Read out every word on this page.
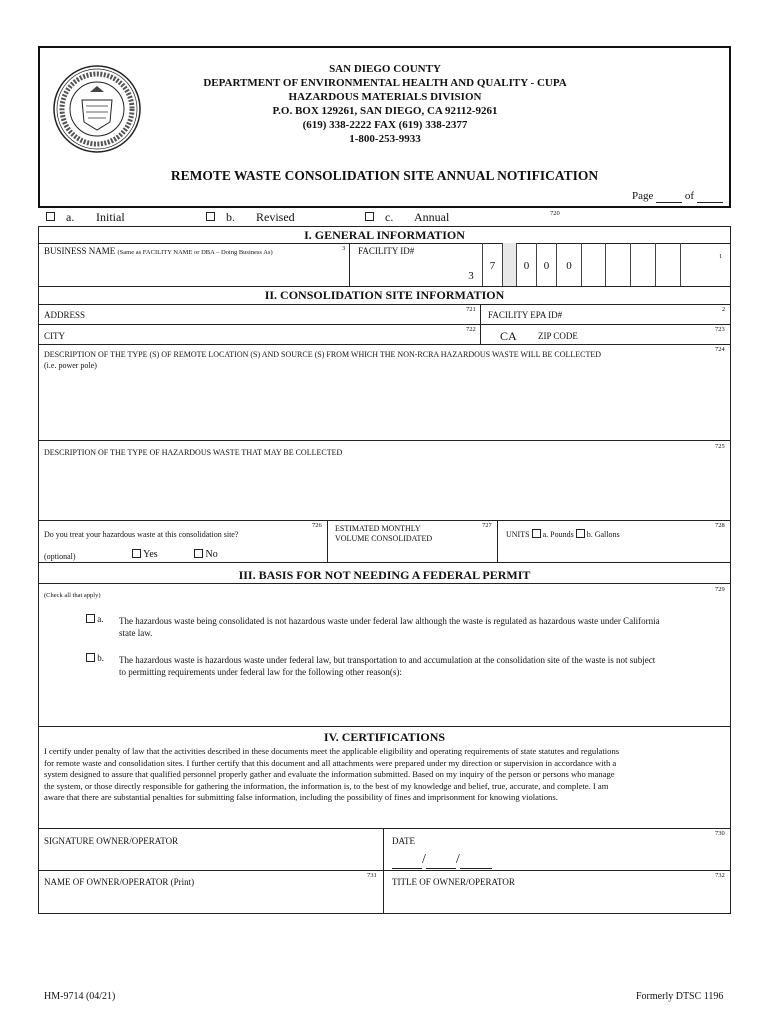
SAN DIEGO COUNTY
DEPARTMENT OF ENVIRONMENTAL HEALTH AND QUALITY - CUPA
HAZARDOUS MATERIALS DIVISION
P.O. BOX 129261, SAN DIEGO, CA 92112-9261
(619) 338-2222 FAX (619) 338-2377
1-800-253-9933
REMOTE WASTE CONSOLIDATION SITE ANNUAL NOTIFICATION
Page	of
a. Initial	b. Revised	c. Annual	720
I. GENERAL INFORMATION
BUSINESS NAME (Same as FACILITY NAME or DBA – Doing Business As)
3 FACILITY ID#
3
7	0	0	0
1
II. CONSOLIDATION SITE INFORMATION
ADDRESS
721
FACILITY EPA ID#
2
CITY
722 CA ZIP CODE
723
DESCRIPTION OF THE TYPE (S) OF REMOTE LOCATION (S) AND SOURCE (S) FROM WHICH THE NON-RCRA HAZARDOUS WASTE WILL BE COLLECTED
(i.e. power pole)
724
DESCRIPTION OF THE TYPE OF HAZARDOUS WASTE THAT MAY BE COLLECTED
725
Do you treat your hazardous waste at this consolidation site?
726
(optional)	Yes	No
ESTIMATED MONTHLY
VOLUME CONSOLIDATED
727
UNITS a. Pounds b. Gallons
728
III. BASIS FOR NOT NEEDING A FEDERAL PERMIT
(Check all that apply)
729
a. The hazardous waste being consolidated is not hazardous waste under federal law although the waste is regulated as hazardous waste under California
state law.
b. The hazardous waste is hazardous waste under federal law, but transportation to and accumulation at the consolidation site of the waste is not subject
to permitting requirements under federal law for the following other reason(s):
IV. CERTIFICATIONS
I certify under penalty of law that the activities described in these documents meet the applicable eligibility and operating requirements of state statutes and regulations
for remote waste and consolidation sites. I further certify that this document and all attachments were prepared under my direction or supervision in accordance with a
system designed to assure that qualified personnel properly gather and evaluate the information submitted. Based on my inquiry of the person or persons who manage
the system, or those directly responsible for gathering the information, the information is, to the best of my knowledge and belief, true, accurate, and complete. I am
aware that there are substantial penalties for submitting false information, including the possibility of fines and imprisonment for knowing violations.
SIGNATURE OWNER/OPERATOR	DATE
730
/ /
NAME OF OWNER/OPERATOR (Print)
731
TITLE OF OWNER/OPERATOR
732
HM-9714 (04/21)	Formerly DTSC 1196
